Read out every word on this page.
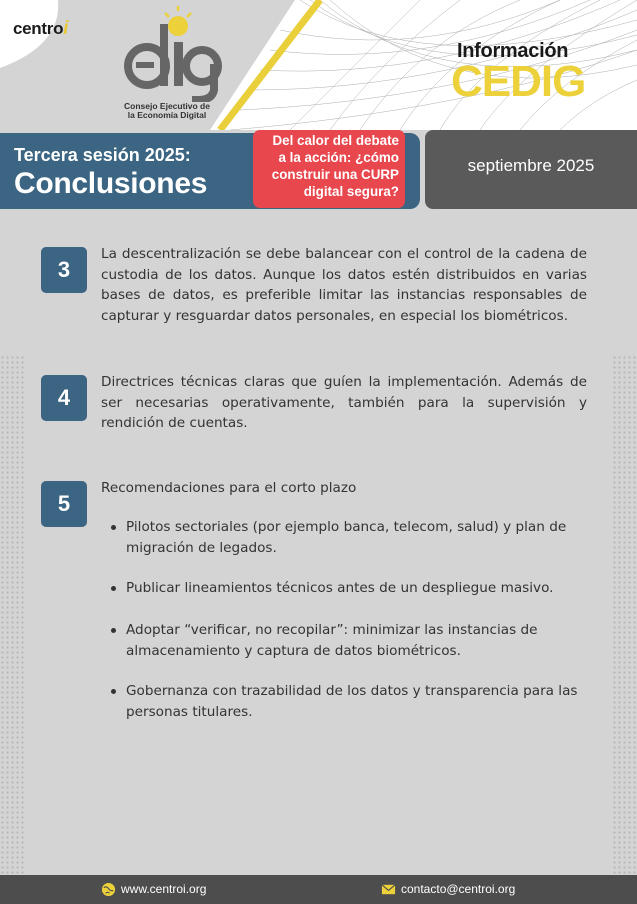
centroi
Consejo Ejecutivo de
la Economía Digital
Información
CEDIG
Tercera sesión 2025:
Conclusiones
Del calor del debate
a la acción: ¿cómo
construir una CURP
digital segura?
septiembre 2025
3
La descentralización se debe balancear con el control de la cadena de custodia de los datos. Aunque los datos estén distribuidos en varias bases de datos, es preferible limitar las instancias responsables de capturar y resguardar datos personales, en especial los biométricos.
4
Directrices técnicas claras que guíen la implementación. Además de ser necesarias operativamente, también para la supervisión y rendición de cuentas.
5
Recomendaciones para el corto plazo
Pilotos sectoriales (por ejemplo banca, telecom, salud) y plan de migración de legados.
Publicar lineamientos técnicos antes de un despliegue masivo.
Adoptar “verificar, no recopilar”: minimizar las instancias de almacenamiento y captura de datos biométricos.
Gobernanza con trazabilidad de los datos y transparencia para las personas titulares.
www.centroi.org	contacto@centroi.org
